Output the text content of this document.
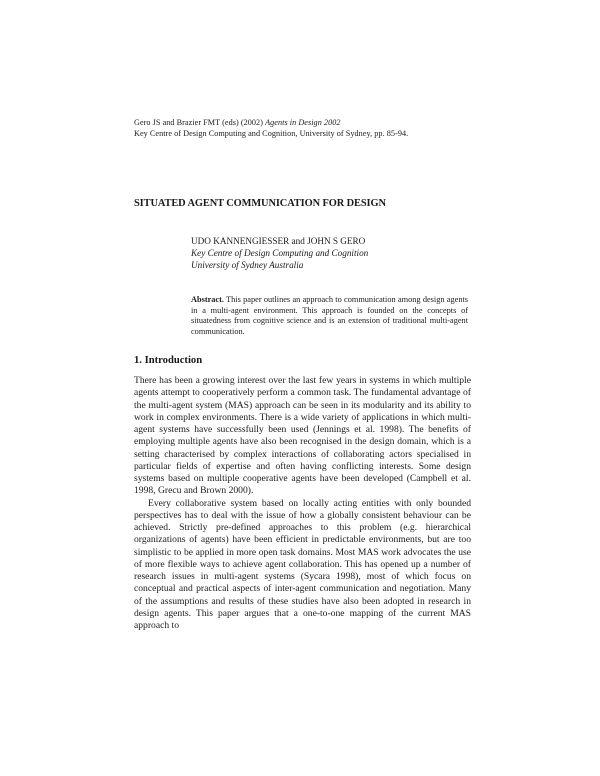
Gero JS and Brazier FMT (eds) (2002) Agents in Design 2002
Key Centre of Design Computing and Cognition, University of Sydney, pp. 85-94.
SITUATED AGENT COMMUNICATION FOR DESIGN
UDO KANNENGIESSER and JOHN S GERO
Key Centre of Design Computing and Cognition
University of Sydney Australia
Abstract. This paper outlines an approach to communication among design agents in a multi-agent environment. This approach is founded on the concepts of situatedness from cognitive science and is an extension of traditional multi-agent communication.
1. Introduction

There has been a growing interest over the last few years in systems in which multiple agents attempt to cooperatively perform a common task. The fundamental advantage of the multi-agent system (MAS) approach can be seen in its modularity and its ability to work in complex environments. There is a wide variety of applications in which multi-agent systems have successfully been used (Jennings et al. 1998). The benefits of employing multiple agents have also been recognised in the design domain, which is a setting characterised by complex interactions of collaborating actors specialised in particular fields of expertise and often having conflicting interests. Some design systems based on multiple cooperative agents have been developed (Campbell et al. 1998, Grecu and Brown 2000).

Every collaborative system based on locally acting entities with only bounded perspectives has to deal with the issue of how a globally consistent behaviour can be achieved. Strictly pre-defined approaches to this problem (e.g. hierarchical organizations of agents) have been efficient in predictable environments, but are too simplistic to be applied in more open task domains. Most MAS work advocates the use of more flexible ways to achieve agent collaboration. This has opened up a number of research issues in multi-agent systems (Sycara 1998), most of which focus on conceptual and practical aspects of inter-agent communication and negotiation. Many of the assumptions and results of these studies have also been adopted in research in design agents. This paper argues that a one-to-one mapping of the current MAS approach to
